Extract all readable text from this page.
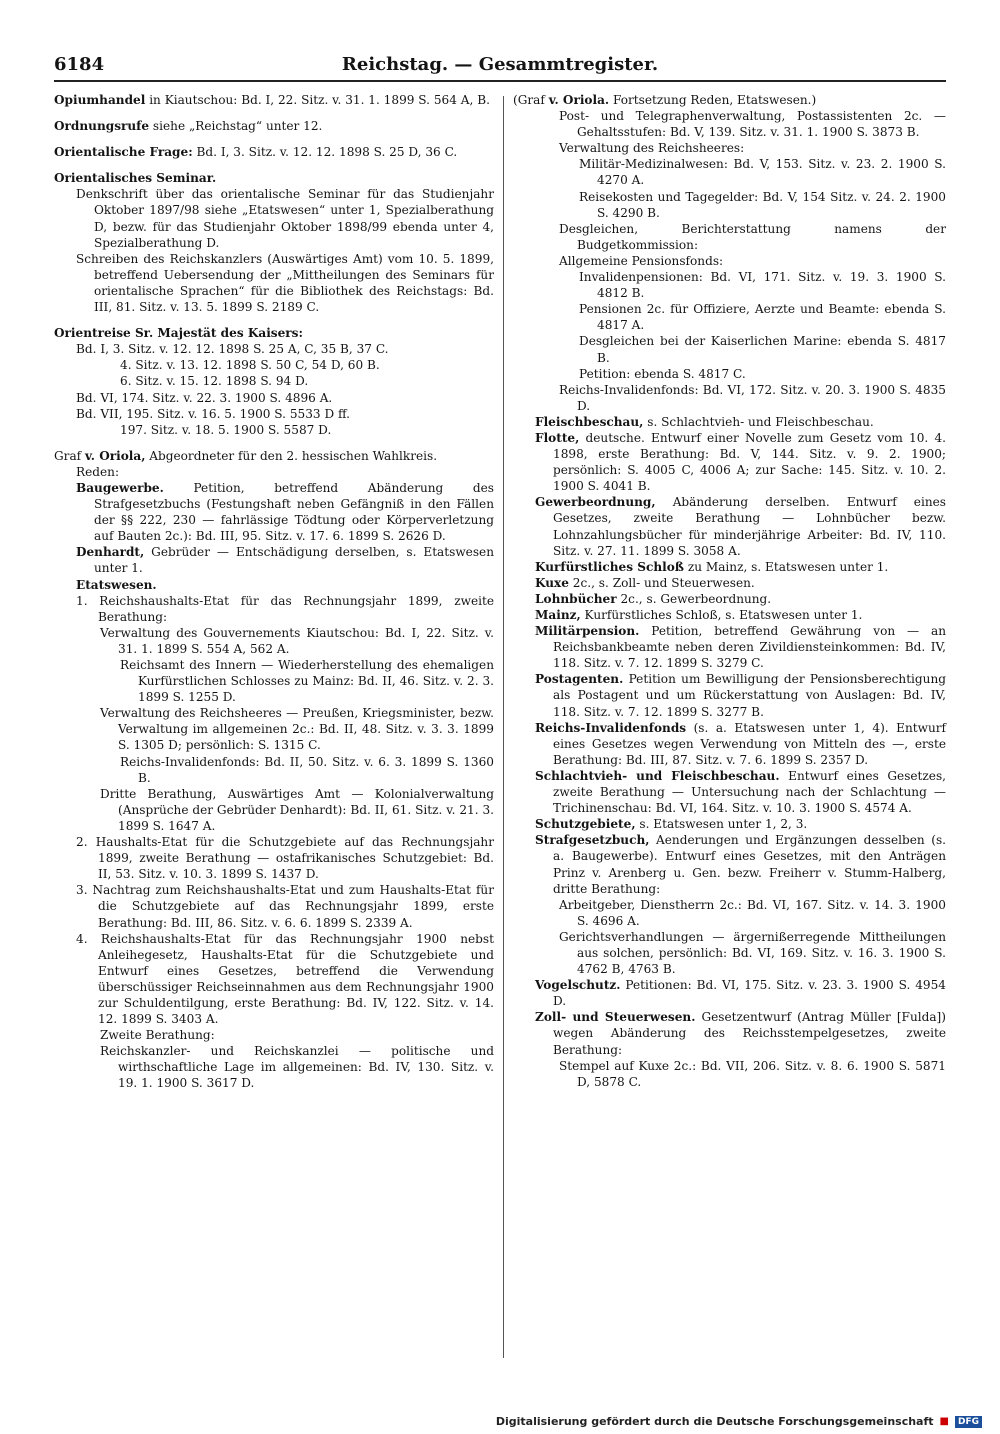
6184	Reichstag. — Gesammtregister.

Opiumhandel in Kiautschou: Bd. I, 22. Sitz. v. 31. 1. 1899 S. 564 A, B.

Ordnungsrufe siehe „Reichstag“ unter 12.

Orientalische Frage: Bd. I, 3. Sitz. v. 12. 12. 1898 S. 25 D, 36 C.

Orientalisches Seminar.

Denkschrift über das orientalische Seminar für das Studienjahr Oktober 1897/98 siehe „Etatswesen“ unter 1, Spezialberathung D, bezw. für das Studienjahr Oktober 1898/99 ebenda unter 4, Spezialberathung D.

Schreiben des Reichskanzlers (Auswärtiges Amt) vom 10. 5. 1899, betreffend Uebersendung der „Mittheilungen des Seminars für orientalische Sprachen“ für die Bibliothek des Reichstags: Bd. III, 81. Sitz. v. 13. 5. 1899 S. 2189 C.

Orientreise Sr. Majestät des Kaisers:

Bd. I, 3. Sitz. v. 12. 12. 1898 S. 25 A, C, 35 B, 37 C.

4. Sitz. v. 13. 12. 1898 S. 50 C, 54 D, 60 B.

6. Sitz. v. 15. 12. 1898 S. 94 D.

Bd. VI, 174. Sitz. v. 22. 3. 1900 S. 4896 A.

Bd. VII, 195. Sitz. v. 16. 5. 1900 S. 5533 D ff.

197. Sitz. v. 18. 5. 1900 S. 5587 D.

Graf v. Oriola, Abgeordneter für den 2. hessischen Wahlkreis.

Reden:

Baugewerbe. Petition, betreffend Abänderung des Strafgesetzbuchs (Festungshaft neben Gefängniß in den Fällen der §§ 222, 230 — fahrlässige Tödtung oder Körperverletzung auf Bauten 2c.): Bd. III, 95. Sitz. v. 17. 6. 1899 S. 2626 D.

Denhardt, Gebrüder — Entschädigung derselben, s. Etatswesen unter 1.

Etatswesen.

1. Reichshaushalts-Etat für das Rechnungsjahr 1899, zweite Berathung:

Verwaltung des Gouvernements Kiautschou: Bd. I, 22. Sitz. v. 31. 1. 1899 S. 554 A, 562 A.

Reichsamt des Innern — Wiederherstellung des ehemaligen Kurfürstlichen Schlosses zu Mainz: Bd. II, 46. Sitz. v. 2. 3. 1899 S. 1255 D.

Verwaltung des Reichsheeres — Preußen, Kriegsminister, bezw. Verwaltung im allgemeinen 2c.: Bd. II, 48. Sitz. v. 3. 3. 1899 S. 1305 D; persönlich: S. 1315 C.

Reichs-Invalidenfonds: Bd. II, 50. Sitz. v. 6. 3. 1899 S. 1360 B.

Dritte Berathung, Auswärtiges Amt — Kolonialverwaltung (Ansprüche der Gebrüder Denhardt): Bd. II, 61. Sitz. v. 21. 3. 1899 S. 1647 A.

2. Haushalts-Etat für die Schutzgebiete auf das Rechnungsjahr 1899, zweite Berathung — ostafrikanisches Schutzgebiet: Bd. II, 53. Sitz. v. 10. 3. 1899 S. 1437 D.

3. Nachtrag zum Reichshaushalts-Etat und zum Haushalts-Etat für die Schutzgebiete auf das Rechnungsjahr 1899, erste Berathung: Bd. III, 86. Sitz. v. 6. 6. 1899 S. 2339 A.

4. Reichshaushalts-Etat für das Rechnungsjahr 1900 nebst Anleihegesetz, Haushalts-Etat für die Schutzgebiete und Entwurf eines Gesetzes, betreffend die Verwendung überschüssiger Reichseinnahmen aus dem Rechnungsjahr 1900 zur Schuldentilgung, erste Berathung: Bd. IV, 122. Sitz. v. 14. 12. 1899 S. 3403 A.

Zweite Berathung:

Reichskanzler- und Reichskanzlei — politische und wirthschaftliche Lage im allgemeinen: Bd. IV, 130. Sitz. v. 19. 1. 1900 S. 3617 D.

(Graf v. Oriola. Fortsetzung Reden, Etatswesen.)

Post- und Telegraphenverwaltung, Postassistenten 2c. — Gehaltsstufen: Bd. V, 139. Sitz. v. 31. 1. 1900 S. 3873 B.

Verwaltung des Reichsheeres:

Militär-Medizinalwesen: Bd. V, 153. Sitz. v. 23. 2. 1900 S. 4270 A.

Reisekosten und Tagegelder: Bd. V, 154 Sitz. v. 24. 2. 1900 S. 4290 B.

Desgleichen, Berichterstattung namens der Budgetkommission:

Allgemeine Pensionsfonds:

Invalidenpensionen: Bd. VI, 171. Sitz. v. 19. 3. 1900 S. 4812 B.

Pensionen 2c. für Offiziere, Aerzte und Beamte: ebenda S. 4817 A.

Desgleichen bei der Kaiserlichen Marine: ebenda S. 4817 B.

Petition: ebenda S. 4817 C.

Reichs-Invalidenfonds: Bd. VI, 172. Sitz. v. 20. 3. 1900 S. 4835 D.

Fleischbeschau, s. Schlachtvieh- und Fleischbeschau.

Flotte, deutsche. Entwurf einer Novelle zum Gesetz vom 10. 4. 1898, erste Berathung: Bd. V, 144. Sitz. v. 9. 2. 1900; persönlich: S. 4005 C, 4006 A; zur Sache: 145. Sitz. v. 10. 2. 1900 S. 4041 B.

Gewerbeordnung, Abänderung derselben. Entwurf eines Gesetzes, zweite Berathung — Lohnbücher bezw. Lohnzahlungsbücher für minderjährige Arbeiter: Bd. IV, 110. Sitz. v. 27. 11. 1899 S. 3058 A.

Kurfürstliches Schloß zu Mainz, s. Etatswesen unter 1.

Kuxe 2c., s. Zoll- und Steuerwesen.

Lohnbücher 2c., s. Gewerbeordnung.

Mainz, Kurfürstliches Schloß, s. Etatswesen unter 1.

Militärpension. Petition, betreffend Gewährung von — an Reichsbankbeamte neben deren Zivildiensteinkommen: Bd. IV, 118. Sitz. v. 7. 12. 1899 S. 3279 C.

Postagenten. Petition um Bewilligung der Pensionsberechtigung als Postagent und um Rückerstattung von Auslagen: Bd. IV, 118. Sitz. v. 7. 12. 1899 S. 3277 B.

Reichs-Invalidenfonds (s. a. Etatswesen unter 1, 4). Entwurf eines Gesetzes wegen Verwendung von Mitteln des —, erste Berathung: Bd. III, 87. Sitz. v. 7. 6. 1899 S. 2357 D.

Schlachtvieh- und Fleischbeschau. Entwurf eines Gesetzes, zweite Berathung — Untersuchung nach der Schlachtung — Trichinenschau: Bd. VI, 164. Sitz. v. 10. 3. 1900 S. 4574 A.

Schutzgebiete, s. Etatswesen unter 1, 2, 3.

Strafgesetzbuch, Aenderungen und Ergänzungen desselben (s. a. Baugewerbe). Entwurf eines Gesetzes, mit den Anträgen Prinz v. Arenberg u. Gen. bezw. Freiherr v. Stumm-Halberg, dritte Berathung:

Arbeitgeber, Dienstherrn 2c.: Bd. VI, 167. Sitz. v. 14. 3. 1900 S. 4696 A.

Gerichtsverhandlungen — ärgernißerregende Mittheilungen aus solchen, persönlich: Bd. VI, 169. Sitz. v. 16. 3. 1900 S. 4762 B, 4763 B.

Vogelschutz. Petitionen: Bd. VI, 175. Sitz. v. 23. 3. 1900 S. 4954 D.

Zoll- und Steuerwesen. Gesetzentwurf (Antrag Müller [Fulda]) wegen Abänderung des Reichsstempelgesetzes, zweite Berathung:

Stempel auf Kuxe 2c.: Bd. VII, 206. Sitz. v. 8. 6. 1900 S. 5871 D, 5878 C.

Digitalisierung gefördert durch die Deutsche Forschungsgemeinschaft ■	DFG
